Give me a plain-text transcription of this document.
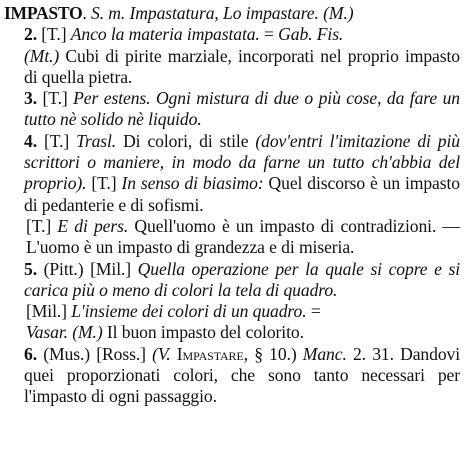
IMPASTO. S. m. Impastatura, Lo impastare. (M.)

2. [T.] Anco la materia impastata. = Gab. Fis.
(Mt.) Cubi di pirite marziale, incorporati nel proprio impasto di quella pietra.

3. [T.] Per estens. Ogni mistura di due o più cose, da fare un tutto nè solido nè liquido.

4. [T.] Trasl. Di colori, di stile (dov'entri l'imitazione di più scrittori o maniere, in modo da farne un tutto ch'abbia del proprio). [T.] In senso di biasimo: Quel discorso è un impasto di pedanterie e di sofismi.

[T.] E di pers. Quell'uomo è un impasto di contradizioni. — L'uomo è un impasto di grandezza e di miseria.

5. (Pitt.) [Mil.] Quella operazione per la quale si copre e si carica più o meno di colori la tela di quadro.

[Mil.] L'insieme dei colori di un quadro. =
Vasar. (M.) Il buon impasto del colorito.

6. (Mus.) [Ross.] (V. Impastare, § 10.) Manc. 2. 31. Dandovi quei proporzionati colori, che sono tanto necessari per l'impasto di ogni passaggio.
